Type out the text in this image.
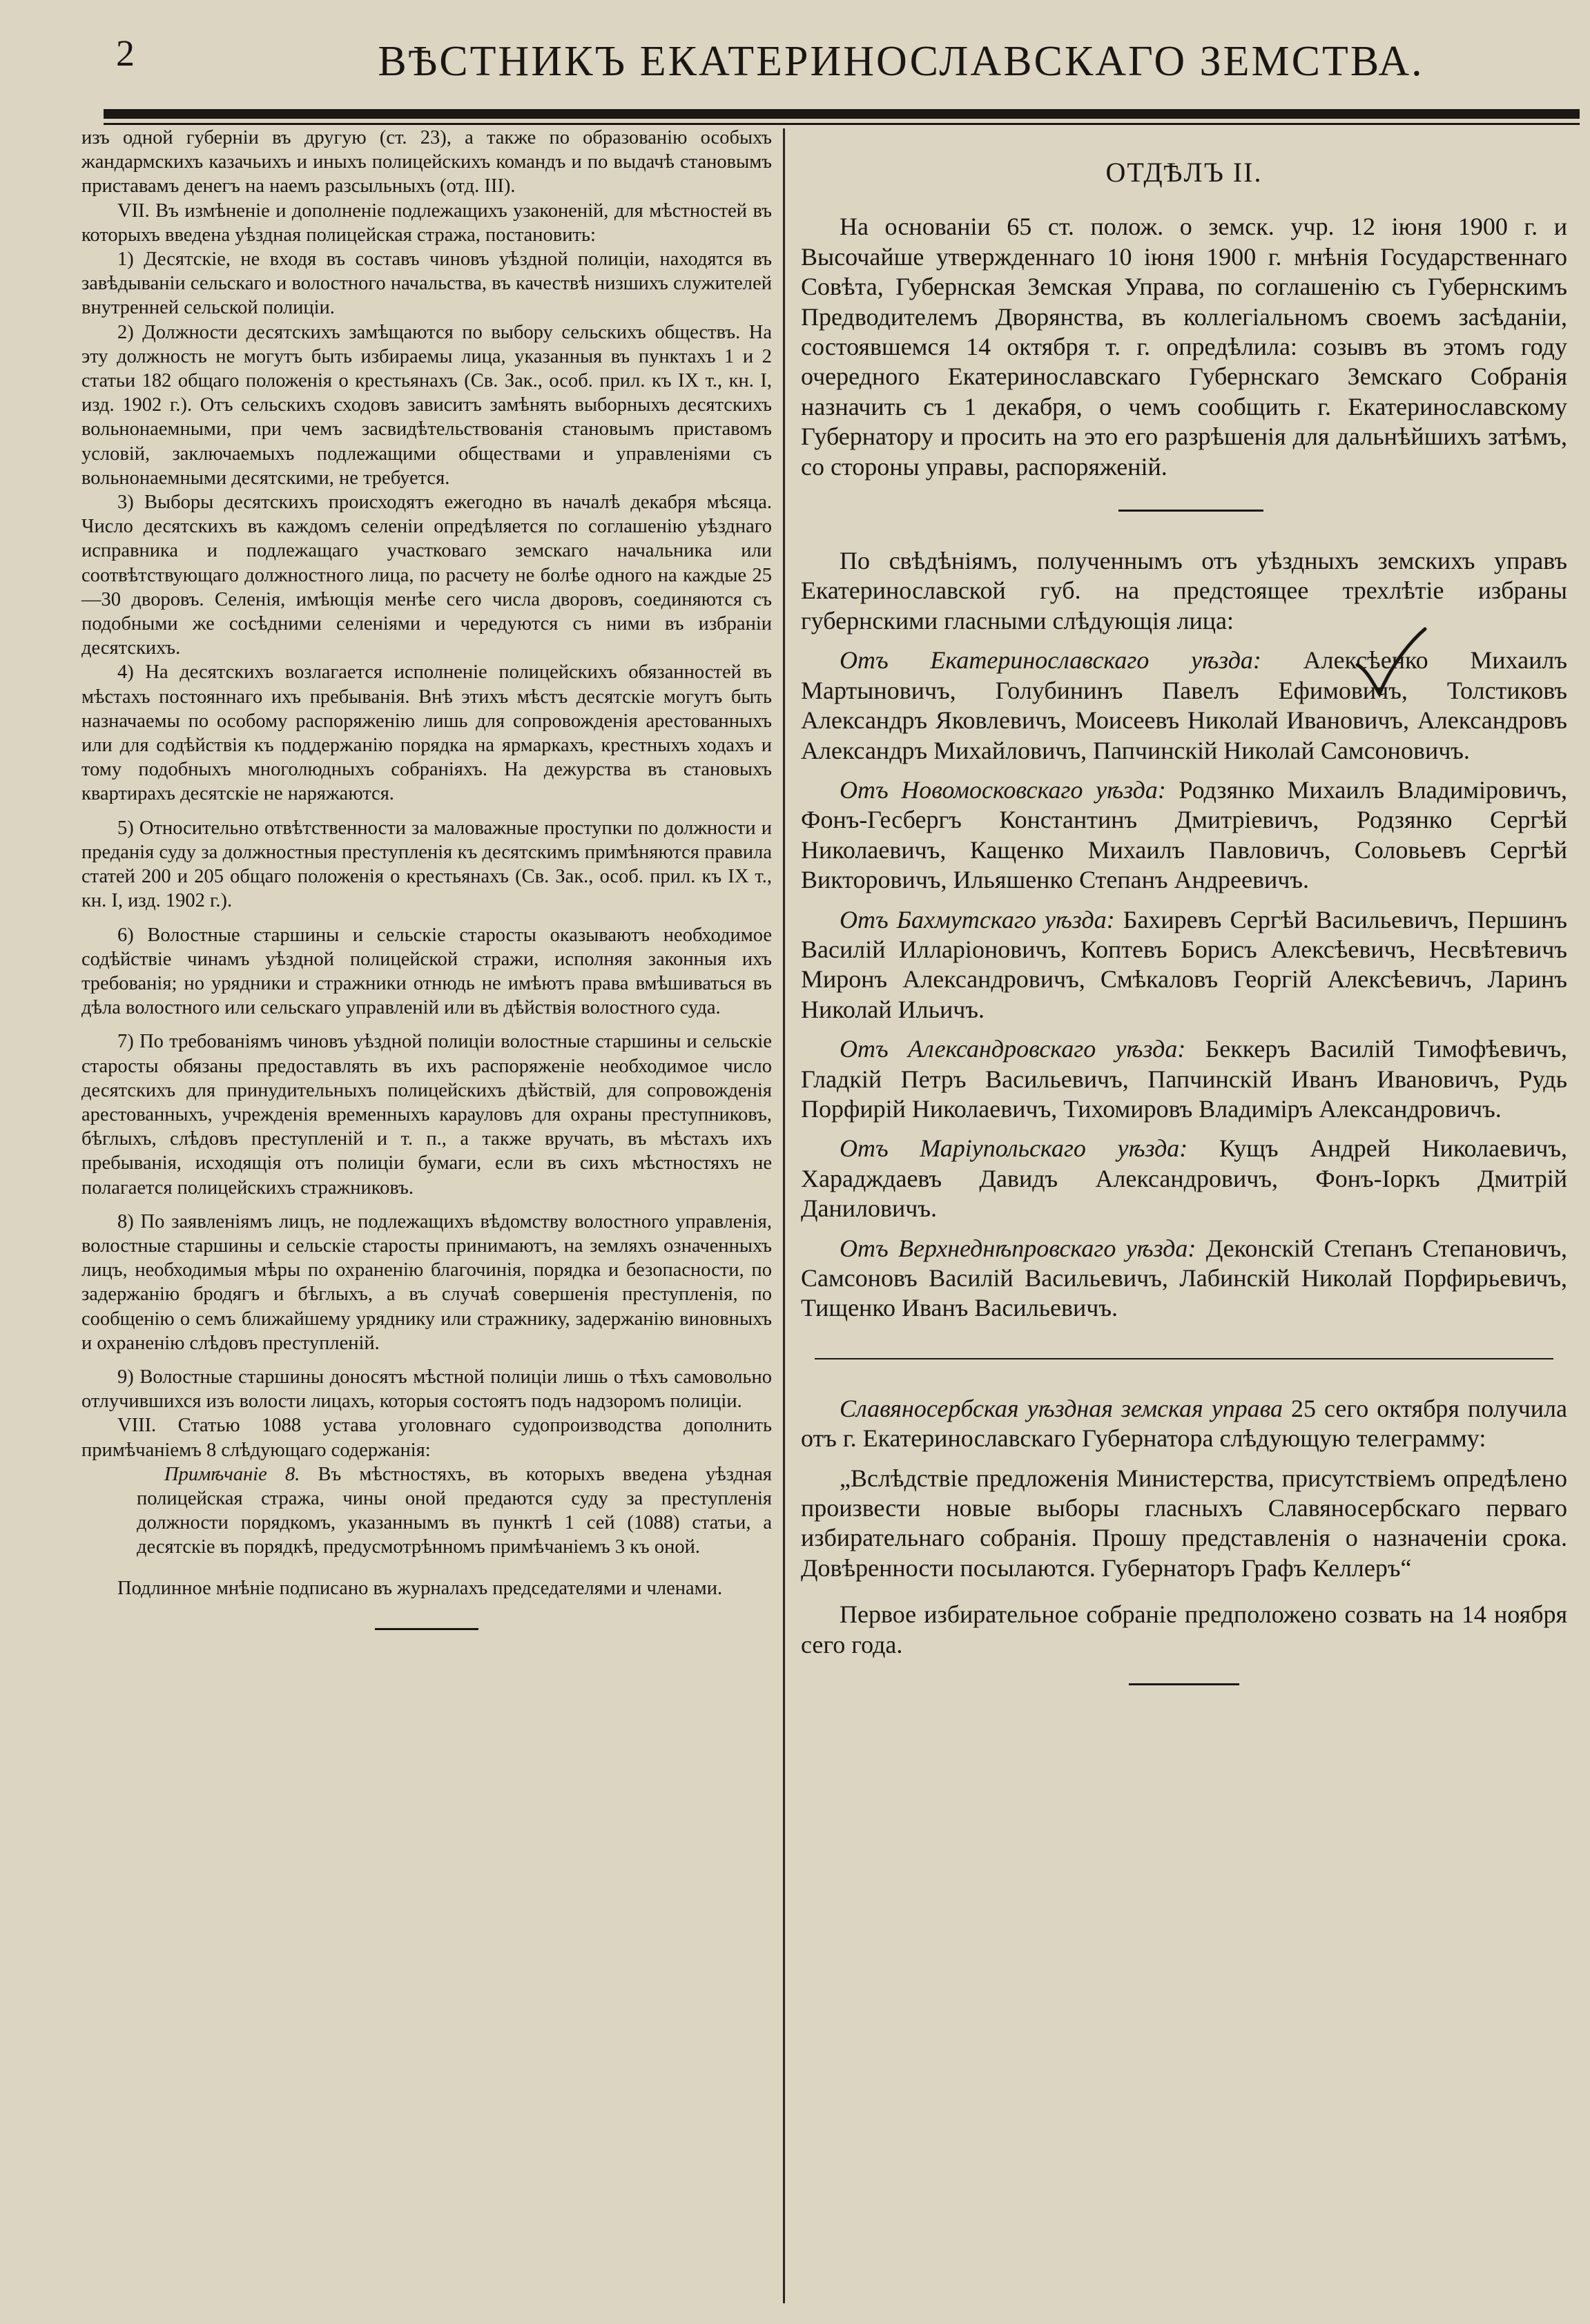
2	ВѢСТНИКЪ ЕКАТЕРИНОСЛАВСКАГО ЗЕМСТВА.

изъ одной губерніи въ другую (ст. 23), а также по образованію особыхъ жандармскихъ казачьихъ и иныхъ полицейскихъ командъ и по выдачѣ становымъ приставамъ денегъ на наемъ разсыльныхъ (отд. III).

VII. Въ измѣненіе и дополненіе подлежащихъ узаконеній, для мѣстностей въ которыхъ введена уѣздная полицейская стража, постановить:

1) Десятскіе, не входя въ составъ чиновъ уѣздной полиціи, находятся въ завѣдываніи сельскаго и волостного начальства, въ качествѣ низшихъ служителей внутренней сельской полиціи.

2) Должности десятскихъ замѣщаются по выбору сельскихъ обществъ. На эту должность не могутъ быть избираемы лица, указанныя въ пунктахъ 1 и 2 статьи 182 общаго положенія о крестьянахъ (Св. Зак., особ. прил. къ IX т., кн. I, изд. 1902 г.). Отъ сельскихъ сходовъ зависитъ замѣнять выборныхъ десятскихъ вольнонаемными, при чемъ засвидѣтельствованія становымъ приставомъ условій, заключаемыхъ подлежащими обществами и управленіями съ вольнонаемными десятскими, не требуется.

3) Выборы десятскихъ происходятъ ежегодно въ началѣ декабря мѣсяца. Число десятскихъ въ каждомъ селеніи опредѣляется по соглашенію уѣзднаго исправника и подлежащаго участковаго земскаго начальника или соотвѣтствующаго должностного лица, по расчету не болѣе одного на каждые 25—30 дворовъ. Селенія, имѣющія менѣе сего числа дворовъ, соединяются съ подобными же сосѣдними селеніями и чередуются съ ними въ избраніи десятскихъ.

4) На десятскихъ возлагается исполненіе полицейскихъ обязанностей въ мѣстахъ постояннаго ихъ пребыванія. Внѣ этихъ мѣстъ десятскіе могутъ быть назначаемы по особому распоряженію лишь для сопровожденія арестованныхъ или для содѣйствія къ поддержанію порядка на ярмаркахъ, крестныхъ ходахъ и тому подобныхъ многолюдныхъ собраніяхъ. На дежурства въ становыхъ квартирахъ десятскіе не наряжаются.

5) Относительно отвѣтственности за маловажные проступки по должности и преданія суду за должностныя преступленія къ десятскимъ примѣняются правила статей 200 и 205 общаго положенія о крестьянахъ (Св. Зак., особ. прил. къ IX т., кн. I, изд. 1902 г.).

6) Волостные старшины и сельскіе старосты оказываютъ необходимое содѣйствіе чинамъ уѣздной полицейской стражи, исполняя законныя ихъ требованія; но урядники и стражники отнюдь не имѣютъ права вмѣшиваться въ дѣла волостного или сельскаго управленій или въ дѣйствія волостного суда.

7) По требованіямъ чиновъ уѣздной полиціи волостные старшины и сельскіе старосты обязаны предоставлять въ ихъ распоряженіе необходимое число десятскихъ для принудительныхъ полицейскихъ дѣйствій, для сопровожденія арестованныхъ, учрежденія временныхъ карауловъ для охраны преступниковъ, бѣглыхъ, слѣдовъ преступленій и т. п., а также вручать, въ мѣстахъ ихъ пребыванія, исходящія отъ полиціи бумаги, если въ сихъ мѣстностяхъ не полагается полицейскихъ стражниковъ.

8) По заявленіямъ лицъ, не подлежащихъ вѣдомству волостного управленія, волостные старшины и сельскіе старосты принимаютъ, на земляхъ означенныхъ лицъ, необходимыя мѣры по охраненію благочинія, порядка и безопасности, по задержанію бродягъ и бѣглыхъ, а въ случаѣ совершенія преступленія, по сообщенію о семъ ближайшему уряднику или стражнику, задержанію виновныхъ и охраненію слѣдовъ преступленій.

9) Волостные старшины доносятъ мѣстной полиціи лишь о тѣхъ самовольно отлучившихся изъ волости лицахъ, которыя состоятъ подъ надзоромъ полиціи.

VIII. Статью 1088 устава уголовнаго судопроизводства дополнить примѣчаніемъ 8 слѣдующаго содержанія:

Примѣчаніе 8. Въ мѣстностяхъ, въ которыхъ введена уѣздная полицейская стража, чины оной предаются суду за преступленія должности порядкомъ, указаннымъ въ пунктѣ 1 сей (1088) статьи, а десятскіе въ порядкѣ, предусмотрѣнномъ примѣчаніемъ 3 къ оной.

Подлинное мнѣніе подписано въ журналахъ председателями и членами.

ОТДѢЛЪ II.

На основаніи 65 ст. полож. о земск. учр. 12 іюня 1900 г. и Высочайше утвержденнаго 10 іюня 1900 г. мнѣнія Государственнаго Совѣта, Губернская Земская Управа, по соглашенію съ Губернскимъ Предводителемъ Дворянства, въ коллегіальномъ своемъ засѣданіи, состоявшемся 14 октября т. г. опредѣлила: созывъ въ этомъ году очередного Екатеринославскаго Губернскаго Земскаго Собранія назначить съ 1 декабря, о чемъ сообщить г. Екатеринославскому Губернатору и просить на это его разрѣшенія для дальнѣйшихъ затѣмъ, со стороны управы, распоряженій.

По свѣдѣніямъ, полученнымъ отъ уѣздныхъ земскихъ управъ Екатеринославской губ. на предстоящее трехлѣтіе избраны губернскими гласными слѣдующія лица:

Отъ Екатеринославскаго уѣзда: Алексѣенко Михаилъ Мартыновичъ, Голубининъ Павелъ Ефимовичъ, Толстиковъ Александръ Яковлевичъ, Моисеевъ Николай Ивановичъ, Александровъ Александръ Михайловичъ, Папчинскій Николай Самсоновичъ.

Отъ Новомосковскаго уѣзда: Родзянко Михаилъ Владиміровичъ, Фонъ-Гесбергъ Константинъ Дмитріевичъ, Родзянко Сергѣй Николаевичъ, Кащенко Михаилъ Павловичъ, Соловьевъ Сергѣй Викторовичъ, Ильяшенко Степанъ Андреевичъ.

Отъ Бахмутскаго уѣзда: Бахиревъ Сергѣй Васильевичъ, Першинъ Василій Илларіоновичъ, Коптевъ Борисъ Алексѣевичъ, Несвѣтевичъ Миронъ Александровичъ, Смѣкаловъ Георгій Алексѣевичъ, Ларинъ Николай Ильичъ.

Отъ Александровскаго уѣзда: Беккеръ Василій Тимофѣевичъ, Гладкій Петръ Васильевичъ, Папчинскій Иванъ Ивановичъ, Рудь Порфирій Николаевичъ, Тихомировъ Владиміръ Александровичъ.

Отъ Маріупольскаго уѣзда: Кущъ Андрей Николаевичъ, Харадждаевъ Давидъ Александровичъ, Фонъ-Іоркъ Дмитрій Даниловичъ.

Отъ Верхнеднѣпровскаго уѣзда: Деконскій Степанъ Степановичъ, Самсоновъ Василій Васильевичъ, Лабинскій Николай Порфирьевичъ, Тищенко Иванъ Васильевичъ.

Славяносербская уѣздная земская управа 25 сего октября получила отъ г. Екатеринославскаго Губернатора слѣдующую телеграмму:

„Вслѣдствіе предложенія Министерства, присутствіемъ опредѣлено произвести новые выборы гласныхъ Славяносербскаго перваго избирательнаго собранія. Прошу представленія о назначеніи срока. Довѣренности посылаются. Губернаторъ Графъ Келлеръ“

Первое избирательное собраніе предположено созвать на 14 ноября сего года.
